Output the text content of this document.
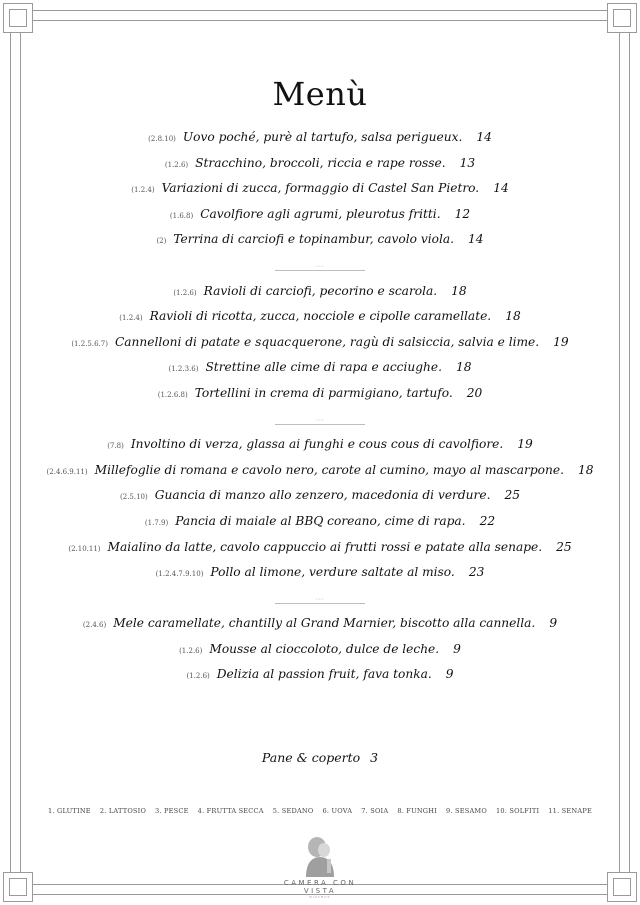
Menù
(2.8.10) Uovo poché, purè al tartufo, salsa perigueux. 14
(1.2.6) Stracchino, broccoli, riccia e rape rosse. 13
(1.2.4) Variazioni di zucca, formaggio di Castel San Pietro. 14
(1.6.8) Cavolfiore agli agrumi, pleurotus fritti. 12
(2) Terrina di carciofi e topinambur, cavolo viola. 14
◦◦◦
(1.2.6) Ravioli di carciofi, pecorino e scarola. 18
(1.2.4) Ravioli di ricotta, zucca, nocciole e cipolle caramellate. 18
(1.2.5.6.7) Cannelloni di patate e squacquerone, ragù di salsiccia, salvia e lime. 19
(1.2.3.6) Strettine alle cime di rapa e acciughe. 18
(1.2.6.8) Tortellini in crema di parmigiano, tartufo. 20
◦◦◦
(7.8) Involtino di verza, glassa ai funghi e cous cous di cavolfiore. 19
(2.4.6.9.11) Millefoglie di romana e cavolo nero, carote al cumino, mayo al mascarpone. 18
(2.5.10) Guancia di manzo allo zenzero, macedonia di verdure. 25
(1.7.9) Pancia di maiale al BBQ coreano, cime di rapa. 22
(2.10.11) Maialino da latte, cavolo cappuccio ai frutti rossi e patate alla senape. 25
(1.2.4.7.9.10) Pollo al limone, verdure saltate al miso. 23
◦◦◦
(2.4.6) Mele caramellate, chantilly al Grand Marnier, biscotto alla cannella. 9
(1.2.6) Mousse al cioccoloto, dulce de leche. 9
(1.2.6) Delizia al passion fruit, fava tonka. 9
Pane & coperto 3
1. GLUTINE 2. LATTOSIO 3. PESCE 4. FRUTTA SECCA 5. SEDANO 6. UOVA 7. SOIA 8. FUNGHI 9. SESAMO 10. SOLFITI 11. SENAPE
CAMERA CON VISTA
BISTROT
